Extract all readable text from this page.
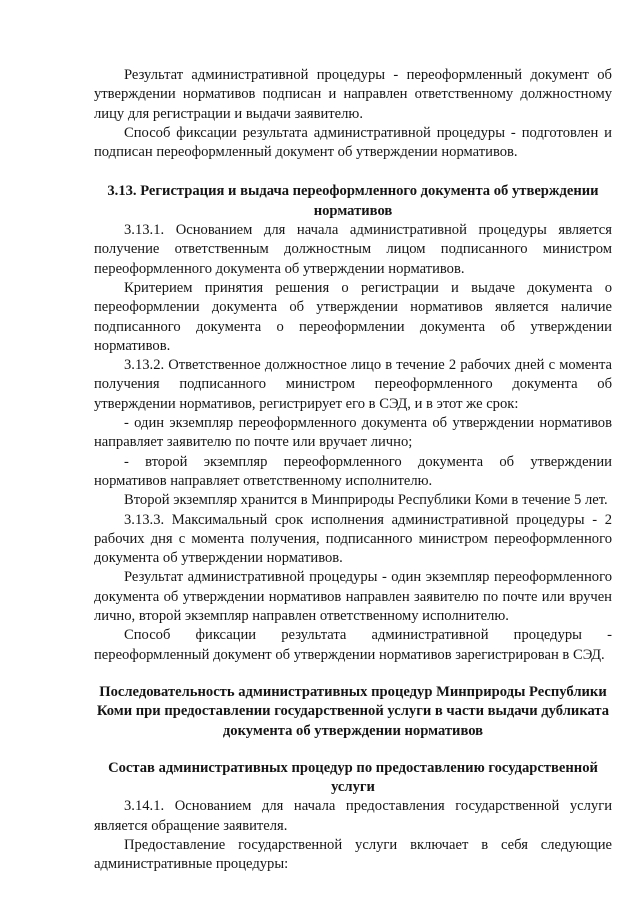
Результат административной процедуры - переоформленный документ об утверждении нормативов подписан и направлен ответственному должностному лицу для регистрации и выдачи заявителю.

Способ фиксации результата административной процедуры - подготовлен и подписан переоформленный документ об утверждении нормативов.

3.13. Регистрация и выдача переоформленного документа об утверждении нормативов

3.13.1. Основанием для начала административной процедуры является получение ответственным должностным лицом подписанного министром переоформленного документа об утверждении нормативов.

Критерием принятия решения о регистрации и выдаче документа о переоформлении документа об утверждении нормативов является наличие подписанного документа о переоформлении документа об утверждении нормативов.

3.13.2. Ответственное должностное лицо в течение 2 рабочих дней с момента получения подписанного министром переоформленного документа об утверждении нормативов, регистрирует его в СЭД, и в этот же срок:

- один экземпляр переоформленного документа об утверждении нормативов направляет заявителю по почте или вручает лично;

- второй экземпляр переоформленного документа об утверждении нормативов направляет ответственному исполнителю.

Второй экземпляр хранится в Минприроды Республики Коми в течение 5 лет.

3.13.3. Максимальный срок исполнения административной процедуры - 2 рабочих дня с момента получения, подписанного министром переоформленного документа об утверждении нормативов.

Результат административной процедуры - один экземпляр переоформленного документа об утверждении нормативов направлен заявителю по почте или вручен лично, второй экземпляр направлен ответственному исполнителю.

Способ фиксации результата административной процедуры - переоформленный документ об утверждении нормативов зарегистрирован в СЭД.

Последовательность административных процедур Минприроды Республики Коми при предоставлении государственной услуги в части выдачи дубликата документа об утверждении нормативов

Состав административных процедур по предоставлению государственной услуги

3.14.1. Основанием для начала предоставления государственной услуги является обращение заявителя.

Предоставление государственной услуги включает в себя следующие административные процедуры:
